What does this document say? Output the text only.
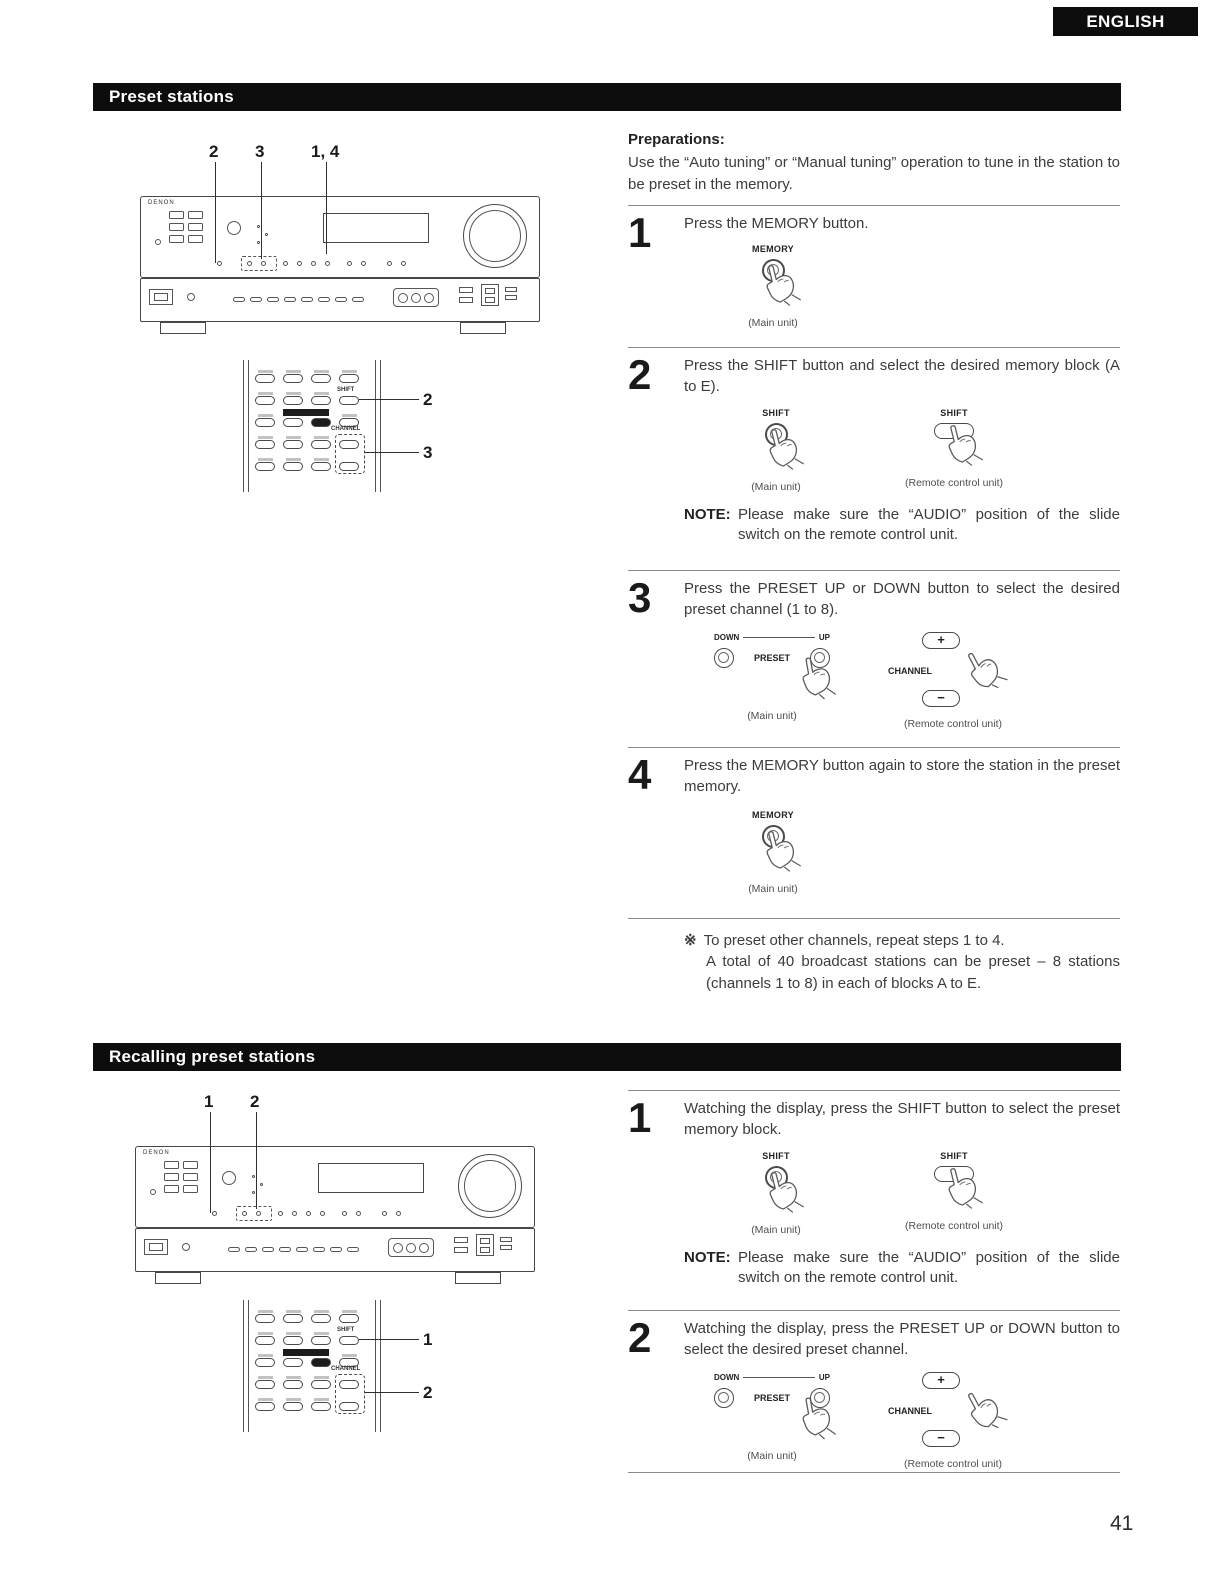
ENGLISH
Preset stations
2 3	1, 4
DENON
SHIFT
CHANNEL
2
3
Preparations:

Use the “Auto tuning” or “Manual tuning” operation to tune in the station to be preset in the memory.

1	Press the MEMORY button.

MEMORY
(Main unit)
2	Press the SHIFT button and select the desired memory block (A to E).

SHIFT
(Main unit)
SHIFT
(Remote control unit)
NOTE: Please make sure the “AUDIO” position of the slide switch on the remote control unit.
3	Press the PRESET UP or DOWN button to select the desired preset channel (1 to 8).

DOWN	UP
PRESET
(Main unit)
+
CHANNEL
−
(Remote control unit)
4	Press the MEMORY button again to store the station in the preset memory.

MEMORY
(Main unit)
※ To preset other channels, repeat steps 1 to 4.
A total of 40 broadcast stations can be preset – 8 stations (channels 1 to 8) in each of blocks A to E.
Recalling preset stations
1 2
DENON
SHIFT
CHANNEL
1
2
1	Watching the display, press the SHIFT button to select the preset memory block.

SHIFT
(Main unit)
SHIFT
(Remote control unit)
NOTE: Please make sure the “AUDIO” position of the slide switch on the remote control unit.
2	Watching the display, press the PRESET UP or DOWN button to select the desired preset channel.

DOWN	UP
PRESET
(Main unit)
+
CHANNEL
−
(Remote control unit)
41
